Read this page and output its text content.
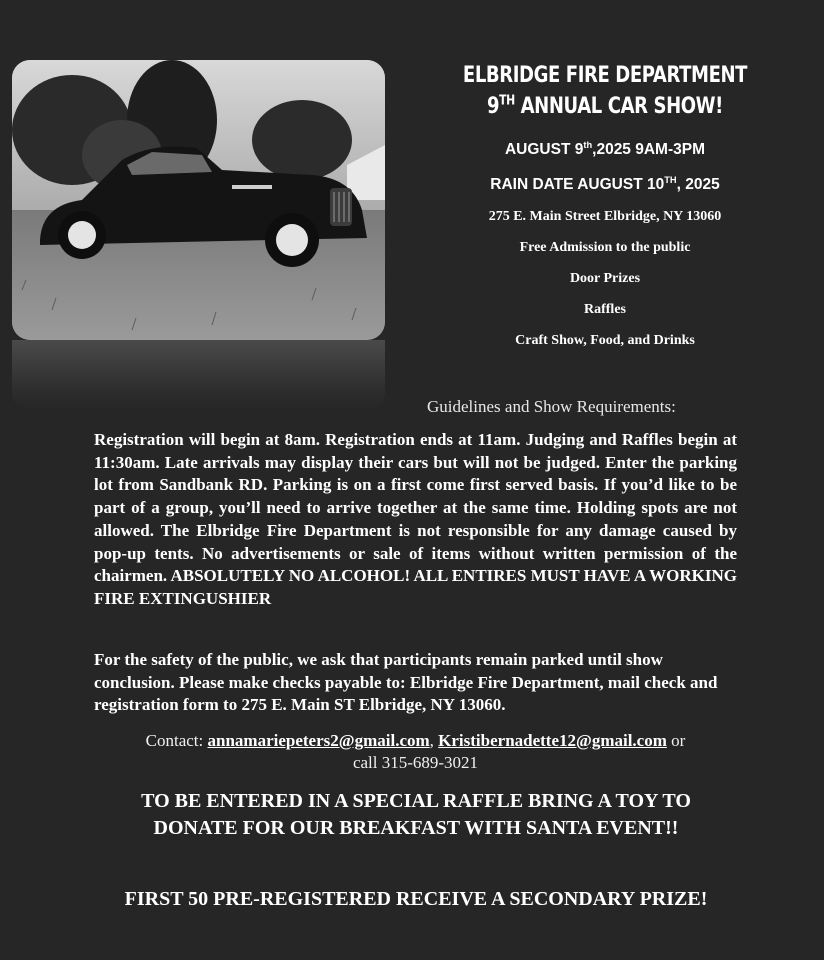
ELBRIDGE FIRE DEPARTMENT
9TH ANNUAL CAR SHOW!
AUGUST 9th,2025 9AM-3PM
RAIN DATE AUGUST 10TH, 2025
275 E. Main Street Elbridge, NY 13060
Free Admission to the public
Door Prizes
Raffles
Craft Show, Food, and Drinks
Guidelines and Show Requirements:
Registration will begin at 8am. Registration ends at 11am. Judging and Raffles begin at 11:30am. Late arrivals may display their cars but will not be judged. Enter the parking lot from Sandbank RD. Parking is on a first come first served basis. If you’d like to be part of a group, you’ll need to arrive together at the same time. Holding spots are not allowed. The Elbridge Fire Department is not responsible for any damage caused by pop-up tents. No advertisements or sale of items without written permission of the chairmen. ABSOLUTELY NO ALCOHOL! ALL ENTIRES MUST HAVE A WORKING FIRE EXTINGUSHIER
For the safety of the public, we ask that participants remain parked until show conclusion. Please make checks payable to: Elbridge Fire Department, mail check and registration form to 275 E. Main ST Elbridge, NY 13060.
Contact: annamariepeters2@gmail.com, Kristibernadette12@gmail.com or
call 315-689-3021
TO BE ENTERED IN A SPECIAL RAFFLE BRING A TOY TO
DONATE FOR OUR BREAKFAST WITH SANTA EVENT!!
FIRST 50 PRE-REGISTERED RECEIVE A SECONDARY PRIZE!
